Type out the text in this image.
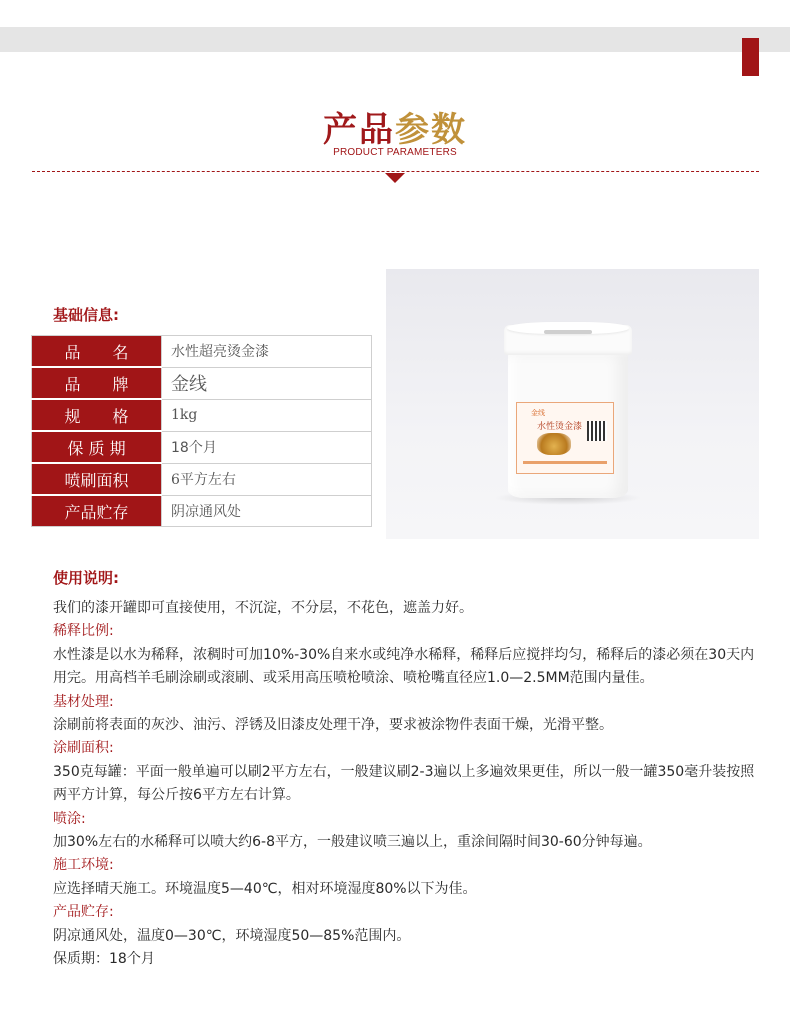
产品参数
PRODUCT PARAMETERS
基础信息:
品　　名	水性超亮烫金漆
品　　牌	金线
规　　格	1kg
保 质 期	18个月
喷刷面积	6平方左右
产品贮存	阴凉通风处
金线
水性烫金漆
使用说明:

我们的漆开罐即可直接使用，不沉淀，不分层，不花色，遮盖力好。

稀释比例:

水性漆是以水为稀释，浓稠时可加10%-30%自来水或纯净水稀释，稀释后应搅拌均匀，稀释后的漆必须在30天内用完。用高档羊毛刷涂刷或滚刷、或采用高压喷枪喷涂、喷枪嘴直径应1.0—2.5MM范围内量佳。

基材处理:

涂刷前将表面的灰沙、油污、浮锈及旧漆皮处理干净，要求被涂物件表面干燥，光滑平整。

涂刷面积:

350克每罐：平面一般单遍可以刷2平方左右，一般建议刷2-3遍以上多遍效果更佳，所以一般一罐350毫升装按照两平方计算，每公斤按6平方左右计算。

喷涂:

加30%左右的水稀释可以喷大约6-8平方，一般建议喷三遍以上，重涂间隔时间30-60分钟每遍。

施工环境:

应选择晴天施工。环境温度5—40℃，相对环境湿度80%以下为佳。

产品贮存:

阴凉通风处，温度0—30℃，环境湿度50—85%范围内。

保质期：18个月
